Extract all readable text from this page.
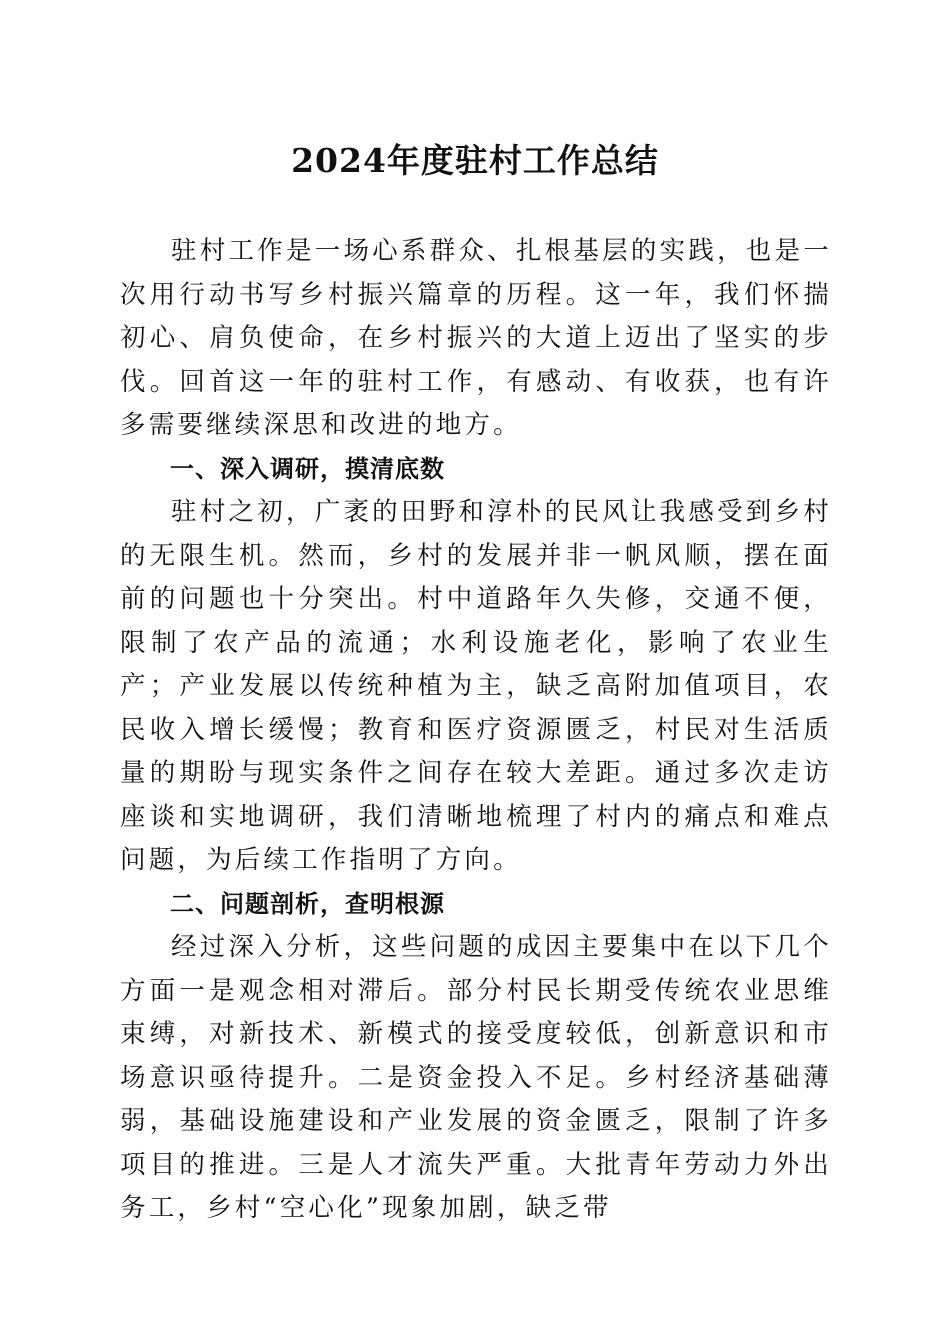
2024年度驻村工作总结

驻村工作是一场心系群众、扎根基层的实践，也是一次用行动书写乡村振兴篇章的历程。这一年，我们怀揣初心、肩负使命，在乡村振兴的大道上迈出了坚实的步伐。回首这一年的驻村工作，有感动、有收获，也有许多需要继续深思和改进的地方。

一、深入调研，摸清底数

驻村之初，广袤的田野和淳朴的民风让我感受到乡村的无限生机。然而，乡村的发展并非一帆风顺，摆在面前的问题也十分突出。村中道路年久失修，交通不便，限制了农产品的流通；水利设施老化，影响了农业生产；产业发展以传统种植为主，缺乏高附加值项目，农民收入增长缓慢；教育和医疗资源匮乏，村民对生活质量的期盼与现实条件之间存在较大差距。通过多次走访座谈和实地调研，我们清晰地梳理了村内的痛点和难点问题，为后续工作指明了方向。

二、问题剖析，查明根源

经过深入分析，这些问题的成因主要集中在以下几个方面一是观念相对滞后。部分村民长期受传统农业思维束缚，对新技术、新模式的接受度较低，创新意识和市场意识亟待提升。二是资金投入不足。乡村经济基础薄弱，基础设施建设和产业发展的资金匮乏，限制了许多项目的推进。三是人才流失严重。大批青年劳动力外出务工，乡村“空心化”现象加剧，缺乏带
